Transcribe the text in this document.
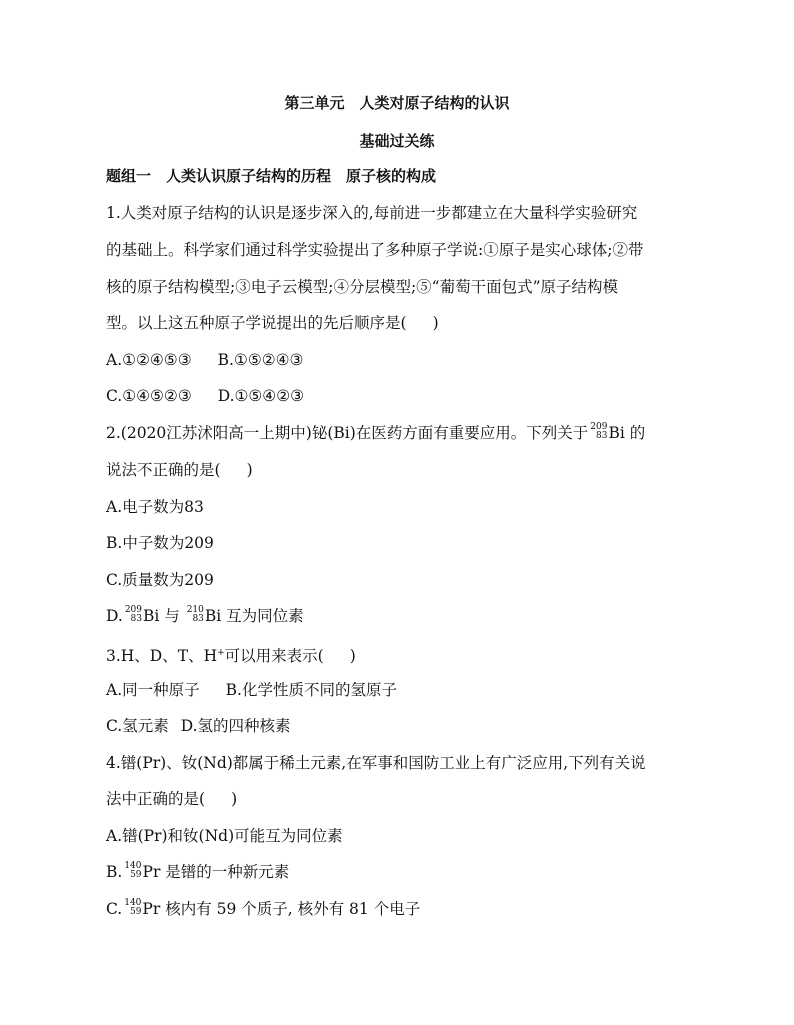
第三单元　人类对原子结构的认识
基础过关练
题组一　人类认识原子结构的历程　原子核的构成
1.人类对原子结构的认识是逐步深入的,每前进一步都建立在大量科学实验研究
的基础上。科学家们通过科学实验提出了多种原子学说:①原子是实心球体;②带
核的原子结构模型;③电子云模型;④分层模型;⑤“葡萄干面包式”原子结构模
型。以上这五种原子学说提出的先后顺序是( )
A.①②④⑤③ B.①⑤②④③
C.①④⑤②③ D.①⑤④②③
2.(2020江苏沭阳高一上期中)铋(Bi)在医药方面有重要应用。下列关于 209
83 Bi 的
说法不正确的是( )
A.电子数为83
B.中子数为209
C.质量数为209
D. 209
83 Bi 与 210
83 Bi 互为同位素
3.H、D、T、H+可以用来表示( )
A.同一种原子 B.化学性质不同的氢原子
C.氢元素 D.氢的四种核素
4.镨(Pr)、钕(Nd)都属于稀土元素,在军事和国防工业上有广泛应用,下列有关说
法中正确的是( )
A.镨(Pr)和钕(Nd)可能互为同位素
B. 140
59 Pr 是镨的一种新元素
C. 140
59 Pr 核内有 59 个质子, 核外有 81 个电子
